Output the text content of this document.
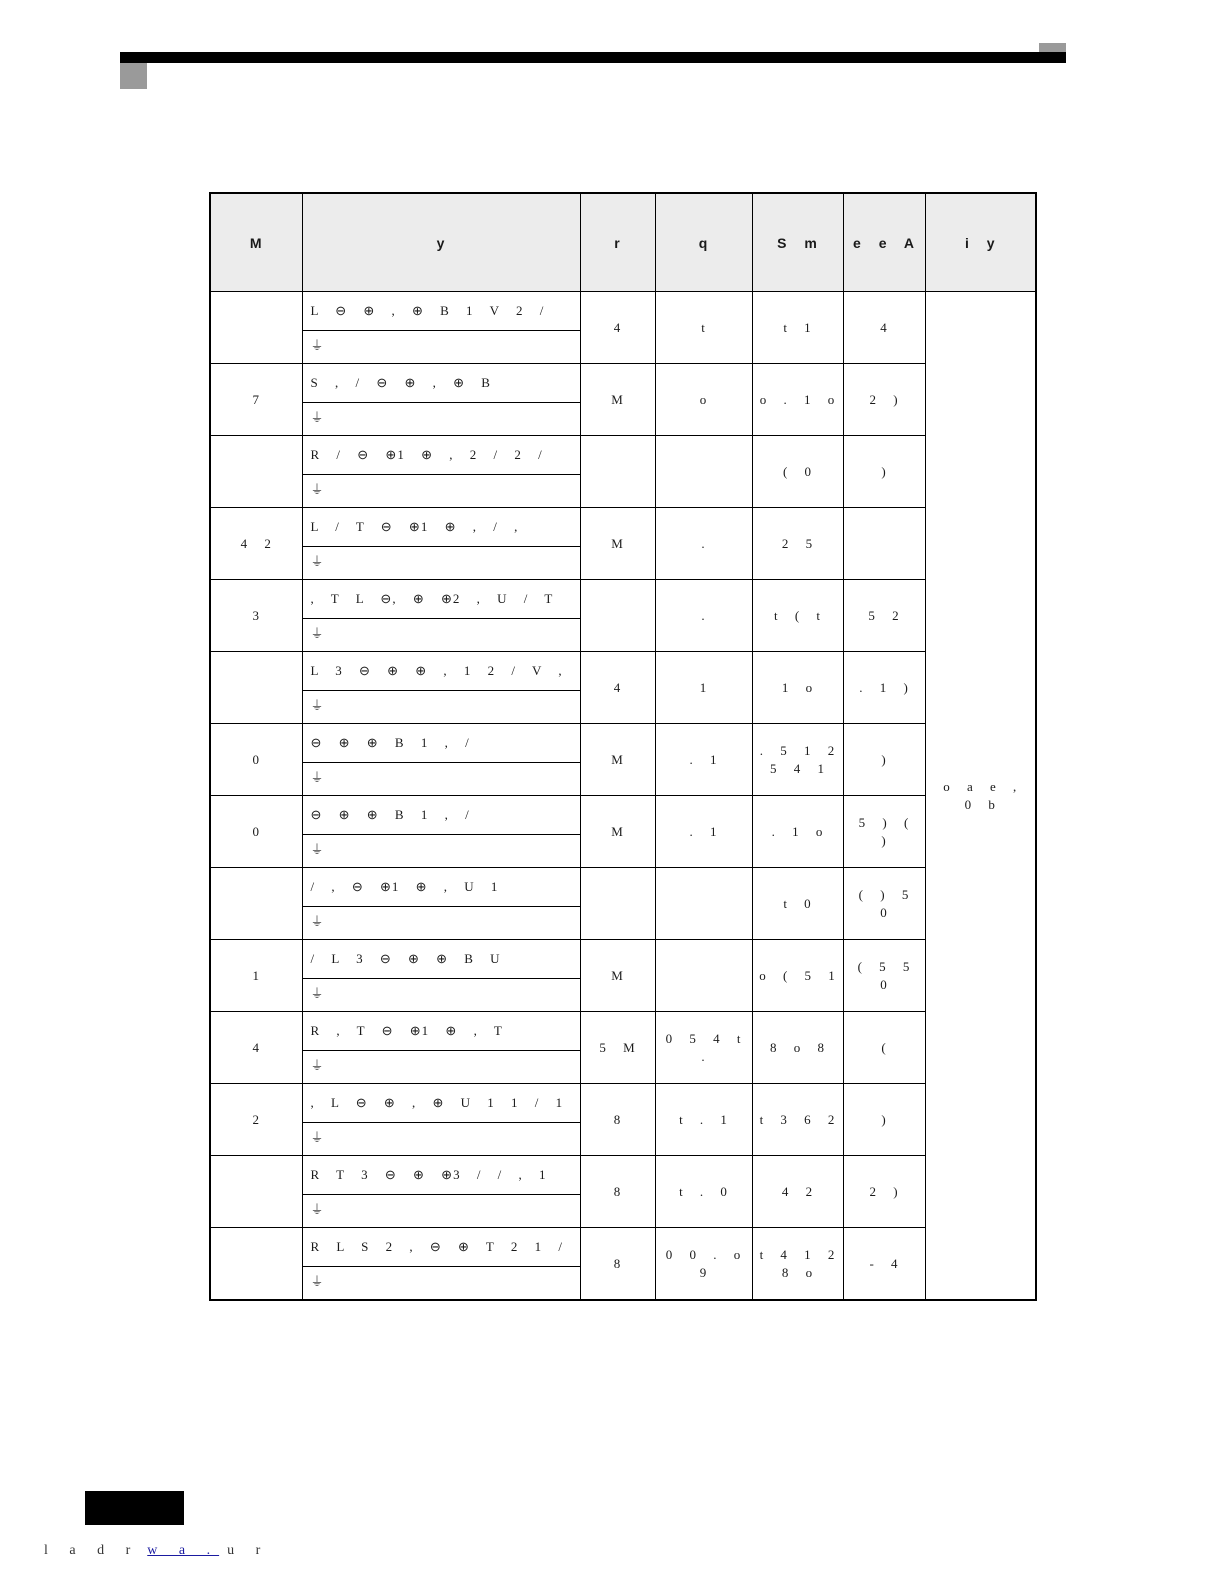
M	y	r	q	S m	e e A	i y
	L ⊖ ⊕ , ⊕ B 1 V 2 /	4	t	t 1	4	o a e , 0 b
	⏚					
7	S , / ⊖ ⊕ , ⊕ B	M	o	o . 1 o	2 )	
	⏚					
	R / ⊖ ⊕1 ⊕ , 2 / 2 /			( 0	)	
	⏚					
4 2	L / T ⊖ ⊕1 ⊕ , / ,	M	.	2 5		
	⏚					
3	, T L ⊖, ⊕ ⊕2 , U / T		.	t ( t	5 2	
	⏚					
	L 3 ⊖ ⊕ ⊕ , 1 2 / V ,	4	1	1 o	. 1 )	
	⏚					
0	⊖ ⊕ ⊕ B 1 , /	M	. 1	. 5 1 2 5 4 1	)	
	⏚					
0	⊖ ⊕ ⊕ B 1 , /	M	. 1	. 1 o	5 ) ( )	
	⏚					
	/ , ⊖ ⊕1 ⊕ , U 1			t 0	( ) 5 0	
	⏚					
1	/ L 3 ⊖ ⊕ ⊕ B U	M		o ( 5 1	( 5 5 0	
	⏚					
4	R , T ⊖ ⊕1 ⊕ , T	5 M	0 5 4 t .	8 o 8	(	
	⏚					
2	, L ⊖ ⊕ , ⊕ U 1 1 / 1	8	t . 1	t 3 6 2	)	
	⏚					
	R T 3 ⊖ ⊕ ⊕3 / / , 1	8	t . 0	4 2	2 )	
	⏚					
	R L S 2 , ⊖ ⊕ T 2 1 /	8	0 0 . o 9	t 4 1 2 8 o	- 4	
	⏚					
l a d r w a . u r
